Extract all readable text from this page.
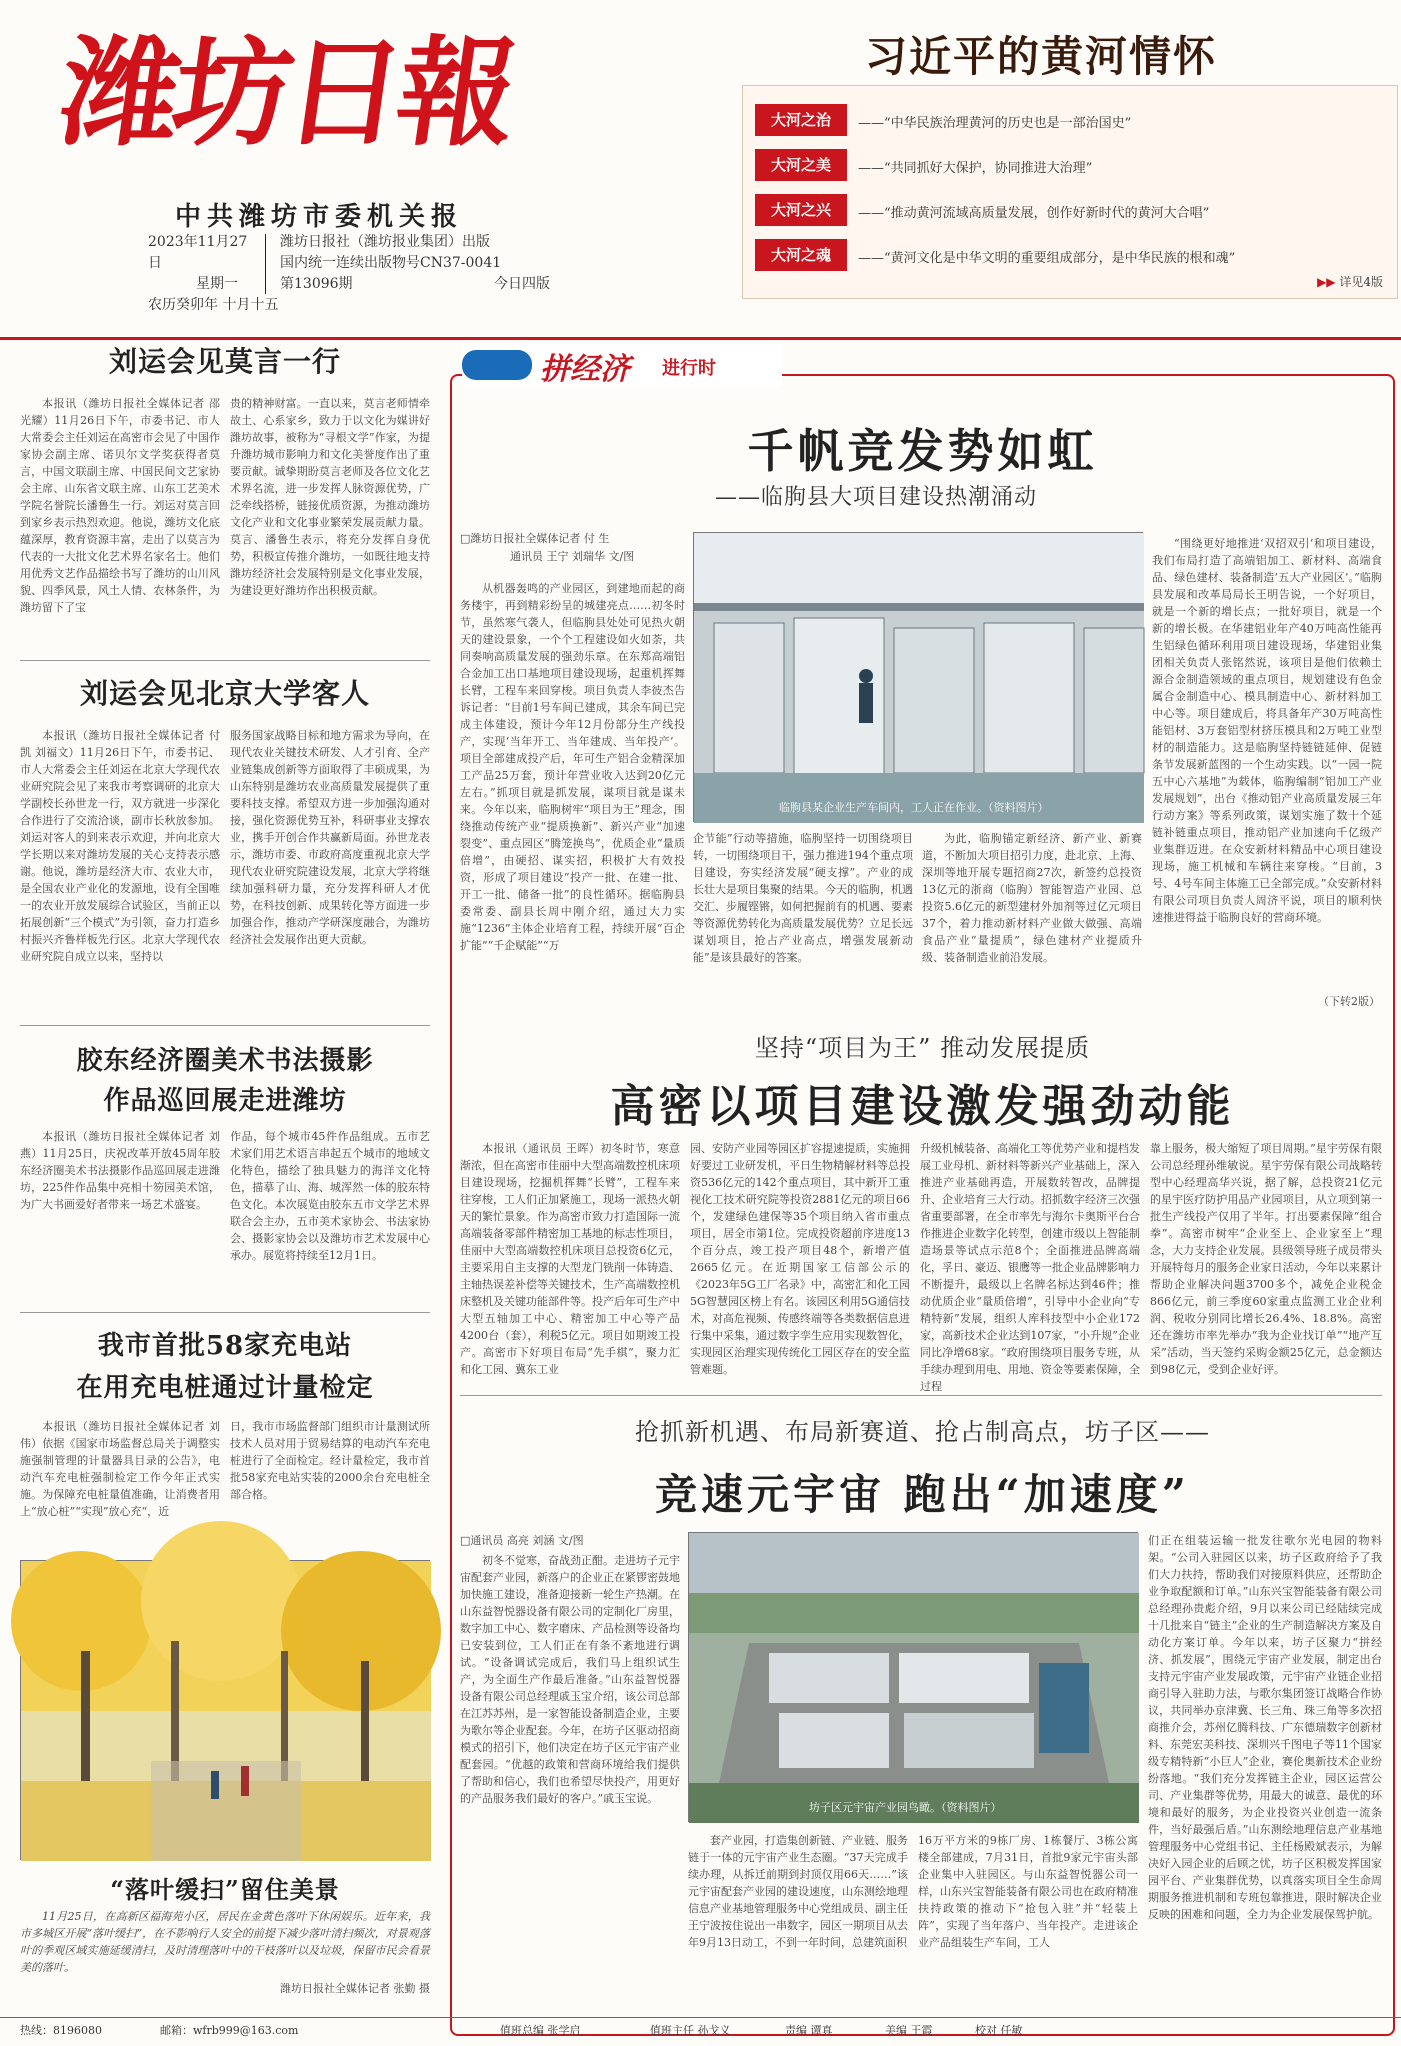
潍坊日報
中共潍坊市委机关报
2023年11月27日
星期一
农历癸卯年 十月十五
潍坊日报社（潍坊报业集团）出版
国内统一连续出版物号CN37-0041
第13096期	今日四版
习近平的黄河情怀
大河之治	——“中华民族治理黄河的历史也是一部治国史”
大河之美	——“共同抓好大保护，协同推进大治理”
大河之兴	——“推动黄河流域高质量发展，创作好新时代的黄河大合唱”
大河之魂	——“黄河文化是中华文明的重要组成部分，是中华民族的根和魂”
▶▶ 详见4版
刘运会见莫言一行
本报讯（潍坊日报社全媒体记者 邵光耀）11月26日下午，市委书记、市人大常委会主任刘运在高密市会见了中国作家协会副主席、诺贝尔文学奖获得者莫言，中国文联副主席、中国民间文艺家协会主席、山东省文联主席、山东工艺美术学院名誉院长潘鲁生一行。刘运对莫言回到家乡表示热烈欢迎。他说，潍坊文化底蕴深厚，教育资源丰富，走出了以莫言为代表的一大批文化艺术界名家名士。他们用优秀文艺作品描绘书写了潍坊的山川风貌、四季风景，风土人情、农林条件，为潍坊留下了宝
贵的精神财富。一直以来，莫言老师情牵故土、心系家乡，致力于以文化为媒讲好潍坊故事，被称为“寻根文学”作家，为提升潍坊城市影响力和文化美誉度作出了重要贡献。诚挚期盼莫言老师及各位文化艺术界名流，进一步发挥人脉资源优势，广泛牵线搭桥，链接优质资源，为推动潍坊文化产业和文化事业繁荣发展贡献力量。莫言、潘鲁生表示，将充分发挥自身优势，积极宣传推介潍坊，一如既往地支持潍坊经济社会发展特别是文化事业发展，为建设更好潍坊作出积极贡献。
刘运会见北京大学客人
本报讯（潍坊日报社全媒体记者 付凯 刘福文）11月26日下午，市委书记、市人大常委会主任刘运在北京大学现代农业研究院会见了来我市考察调研的北京大学副校长孙世龙一行，双方就进一步深化合作进行了交流洽谈，副市长秋放参加。刘运对客人的到来表示欢迎，并向北京大学长期以来对潍坊发展的关心支持表示感谢。他说，潍坊是经济大市、农业大市，是全国农业产业化的发源地，设有全国唯一的农业开放发展综合试验区，当前正以拓展创新“三个模式”为引领，奋力打造乡村振兴齐鲁样板先行区。北京大学现代农业研究院自成立以来，坚持以
服务国家战略目标和地方需求为导向，在现代农业关键技术研发、人才引育、全产业链集成创新等方面取得了丰硕成果，为山东特别是潍坊农业高质量发展提供了重要科技支撑。希望双方进一步加强沟通对接，强化资源优势互补，科研事业支撑农业，携手开创合作共赢新局面。孙世龙表示，潍坊市委、市政府高度重视北京大学现代农业研究院建设发展，北京大学将继续加强科研力量，充分发挥科研人才优势，在科技创新、成果转化等方面进一步加强合作，推动产学研深度融合，为潍坊经济社会发展作出更大贡献。
胶东经济圈美术书法摄影
作品巡回展走进潍坊
本报讯（潍坊日报社全媒体记者 刘燕）11月25日，庆祝改革开放45周年胶东经济圈美术书法摄影作品巡回展走进潍坊，225件作品集中亮相十笏园美术馆，为广大书画爱好者带来一场艺术盛宴。
作品，每个城市45件作品组成。五市艺术家们用艺术语言串起五个城市的地域文化特色，描绘了独具魅力的海洋文化特色，描摹了山、海、城浑然一体的胶东特色文化。本次展览由胶东五市文学艺术界联合会主办，五市美术家协会、书法家协会、摄影家协会以及潍坊市艺术发展中心承办。展览将持续至12月1日。
我市首批58家充电站
在用充电桩通过计量检定
本报讯（潍坊日报社全媒体记者 刘伟）依据《国家市场监督总局关于调整实施强制管理的计量器具目录的公告》，电动汽车充电桩强制检定工作今年正式实施。为保障充电桩量值准确，让消费者用上“放心桩”“实现”放心充“，近
日，我市市场监督部门组织市计量测试所技术人员对用于贸易结算的电动汽车充电桩进行了全面检定。经计量检定，我市首批58家充电站实装的2000余台充电桩全部合格。
“落叶缓扫”留住美景
11月25日，在高新区福海苑小区，居民在金黄色落叶下休闲娱乐。近年来，我市多城区开展“落叶缓扫”，在不影响行人安全的前提下减少落叶清扫频次，对景观落叶的季观区域实施延缓清扫，及时清理落叶中的干枝落叶以及垃圾，保留市民会看景美的落叶。
潍坊日报社全媒体记者 张勤 摄
拼经济 进行时
千帆竞发势如虹
——临朐县大项目建设热潮涌动
□潍坊日报社全媒体记者 付 生
通讯员 王宁 刘瑞华 文/图
临朐县某企业生产车间内，工人正在作业。（资料图片）
从机器轰鸣的产业园区，到建地而起的商务楼宇，再到精彩纷呈的城建亮点……初冬时节，虽然寒气袭人，但临朐县处处可见热火朝天的建设景象，一个个工程建设如火如荼，共同奏响高质量发展的强劲乐章。在东郑高端铝合金加工出口基地项目建设现场，起重机挥舞长臂，工程车来回穿梭。项目负责人李彼杰告诉记者：“目前1号车间已建成，其余车间已完成主体建设，预计今年12月份部分生产线投产，实现‘当年开工、当年建成、当年投产’。项目全部建成投产后，年可生产铝合金精深加工产品25万套，预计年营业收入达到20亿元左右。”抓项目就是抓发展，谋项目就是谋未来。今年以来，临朐树牢“项目为王”理念，围绕推动传统产业“提质换新”、新兴产业“加速裂变”、重点园区“腾笼换鸟”，优质企业“量质倍增”，由硬招、谋实招，积极扩大有效投资，形成了项目建设“投产一批、在建一批、开工一批、储备一批”的良性循环。据临朐县委常委、副县长周中刚介绍，通过大力实施“1236”主体企业培育工程，持续开展“百企扩能”“千企赋能”“万
企节能”行动等措施，临朐坚持一切围绕项目转，一切围绕项目干，强力推进194个重点项目建设，夯实经济发展“硬支撑”。产业的成长壮大是项目集聚的结果。今天的临朐，机遇交汇、步履铿锵，如何把握前有的机遇、要素等资源优势转化为高质量发展优势？立足长远谋划项目，抢占产业高点，增强发展新动能”是该县最好的答案。
为此，临朐锚定新经济、新产业、新赛道，不断加大项目招引力度，赴北京、上海、深圳等地开展专题招商27次，新签约总投资13亿元的浙商（临朐）智能智造产业园、总投资5.6亿元的新型建材外加剂等过亿元项目37个，着力推动新材料产业做大做强、高端食品产业“量提质”，绿色建材产业提质升级、装备制造业前沿发展。
“围绕更好地推进‘双招双引’和项目建设，我们布局打造了高端铝加工、新材料、高端食品、绿色建材、装备制造‘五大产业园区’。”临朐县发展和改革局局长王明告说，一个好项目，就是一个新的增长点；一批好项目，就是一个新的增长极。在华建铝业年产40万吨高性能再生铝绿色循环利用项目建设现场，华建铝业集团相关负责人张铭然说，该项目是他们依赖土源合金制造领域的重点项目，规划建设有色金属合金制造中心、模具制造中心、新材料加工中心等。项目建成后，将具备年产30万吨高性能铝材、3万套铝型材挤压模具和2万吨工业型材的制造能力。这是临朐坚持链链延伸、促链条节发展新蓝图的一个生动实践。以“一园一院五中心六基地”为载体，临朐编制“铝加工产业发展规划”，出台《推动铝产业高质量发展三年行动方案》等系列政策，谋划实施了数十个延链补链重点项目，推动铝产业加速向千亿级产业集群迈进。在众安新材料精品中心项目建设现场，施工机械和车辆往来穿梭。“目前，3号、4号车间主体施工已全部完成。”众安新材料有限公司项目负责人周济平说，项目的顺利快速推进得益于临朐良好的营商环境。
（下转2版）
坚持“项目为王” 推动发展提质
高密以项目建设激发强劲动能
本报讯（通讯员 王晖）初冬时节，寒意渐浓，但在高密市佳丽中大型高端数控机床项目建设现场，挖掘机挥舞“长臂”，工程车来往穿梭，工人们正加紧施工，现场一派热火朝天的繁忙景象。作为高密市致力打造国际一流高端装备零部件精密加工基地的标志性项目，佳丽中大型高端数控机床项目总投资6亿元，主要采用自主支撑的大型龙门铣削一体铸造、主轴热误差补偿等关键技术，生产高端数控机床整机及关键功能部件等。投产后年可生产中大型五轴加工中心、精密加工中心等产品4200台（套），利税5亿元。项目如期竣工投产。高密市下好项目布局“先手棋”，聚力汇和化工园、冀东工业
园、安防产业园等园区扩容提速提质，实施拥好要过工业研发机，平日生物精解材料等总投资536亿元的142个重点项目，其中新开工重视化工技术研究院等投资2881亿元的项目66个，发建绿色建保等35个项目纳入省市重点项目，居全市第1位。完成投资超前序进度13个百分点，竣工投产项目48个，新增产值2665亿元。在近期国家工信部公示的《2023年5G工厂名录》中，高密汇和化工园5G智慧园区榜上有名。该园区利用5G通信技术，对高危视频、传感终端等各类数据信息进行集中采集，通过数字孪生应用实现数智化，实现园区治理实现传统化工园区存在的安全监管难题。
升级机械装备、高端化工等优势产业和提档发展工业母机、新材料等新兴产业基础上，深入推进产业基础再造，开展数转智改，品牌提升、企业培育三大行动。招抓数字经济三次强省重要部署，在全市率先与海尔卡奥斯平台合作推进企业数字化转型，创建市级以上智能制造场景等试点示范8个；全面推进品牌高端化，孚日、豪迈、银鹰等一批企业品牌影响力不断提升，最级以上名牌名标达到46件；推动优质企业“量质倍增”，引导中小企业向“专精特新”发展，组织人库科技型中小企业172家，高新技术企业达到107家，“小升规”企业同比净增68家。“政府围绕项目服务专班，从手续办理到用电、用地、资金等要素保障，全过程
靠上服务，极大缩短了项目周期。”星宇劳保有限公司总经理孙维敏说。星宇劳保有限公司战略转型中心经理高华兴说，据了解，总投资21亿元的星宇医疗防护用品产业园项目，从立项到第一批生产线投产仅用了半年。打出要素保障“组合拳”。高密市树牢“企业至上、企业家至上”理念，大力支持企业发展。县级领导班子成员带头开展特每月的服务企业家日活动，今年以来累计帮助企业解决问题3700多个，减免企业税金866亿元，前三季度60家重点监测工业企业利润、税收分别同比增长26.4%、18.8%。高密还在潍坊市率先举办“我为企业找订单”“地产互采”活动，当天签约采购金额25亿元，总金额达到98亿元，受到企业好评。
抢抓新机遇、布局新赛道、抢占制高点，坊子区——
竞速元宇宙 跑出“加速度”
□通讯员 高亮 刘涵 文/图
坊子区元宇宙产业园鸟瞰。（资料图片）
初冬不觉寒，奋战劲正酣。走进坊子元宇宙配套产业园，新落户的企业正在紧锣密鼓地加快施工建设，准备迎接新一轮生产热潮。在山东益智悦器设备有限公司的定制化厂房里，数字加工中心、数字磨床、产品检测等设备均已安装到位，工人们正在有条不紊地进行调试。“设备调试完成后，我们马上组织试生产，为全面生产作最后准备。”山东益智悦器设备有限公司总经理戚玉宝介绍，该公司总部在江苏苏州，是一家智能设备制造企业，主要为歌尔等企业配套。今年，在坊子区驱动招商模式的招引下，他们决定在坊子区元宇宙产业配套园。“优越的政策和营商环境给我们提供了帮助和信心，我们也希望尽快投产，用更好的产品服务我们最好的客户。”戚玉宝说。
套产业园，打造集创新链、产业链、服务链于一体的元宇宙产业生态圈。“37天完成手续办理，从拆迁前期到封顶仅用66天……”该元宇宙配套产业园的建设速度，山东测绘地理信息产业基地管理服务中心党组成员、副主任王宁波按住说出一串数字，园区一期项目从去年9月13日动工，不到一年时间，总建筑面积
16万平方米的9栋厂房、1栋餐厅、3栋公寓楼全部建成，7月31日，首批9家元宇宙头部企业集中入驻园区。与山东益智悦器公司一样，山东兴宝智能装备有限公司也在政府精准扶持政策的推动下“抢包入驻”并“轻装上阵”，实现了当年落户、当年投产。走进该企业产品组装生产车间，工人
们正在组装运输一批发往歌尔光电园的物料架。“公司入驻园区以来，坊子区政府给予了我们大力扶持，帮助我们对接原料供应，还帮助企业争取配额和订单。”山东兴宝智能装备有限公司总经理孙贵彪介绍，9月以来公司已经陆续完成十几批来自“链主”企业的生产制造解决方案及自动化方案订单。今年以来，坊子区聚力“拼经济、抓发展”，围绕元宇宙产业发展，制定出台支持元宇宙产业发展政策，元宇宙产业链企业招商引导入驻助力法，与歌尔集团签订战略合作协议，共同举办京津冀、长三角、珠三角等多次招商推介会，苏州亿腾科技、广东德瑞数字创新材料、东莞宏美科技、深圳兴千图电子等11个国家级专精特新“小巨人”企业，赛伦奥新技术企业纷纷落地。“我们充分发挥链主企业，园区运营公司、产业集群等优势，用最大的诚意、最优的环境和最好的服务，为企业投资兴业创造一流条件，当好最强后盾。”山东测绘地理信息产业基地管理服务中心党组书记、主任杨殿斌表示，为解决好入园企业的后顾之忧，坊子区积极发挥国家园平台、产业集群优势，以真落实项目全生命周期服务推进机制和专班包靠推进，限时解决企业反映的困难和问题，全力为企业发展保驾护航。
热线：8196080	邮箱：wfrb999@163.com	值班总编 张学启	值班主任 孙戈义	责编 谭真	美编 王霞	校对 任敏
